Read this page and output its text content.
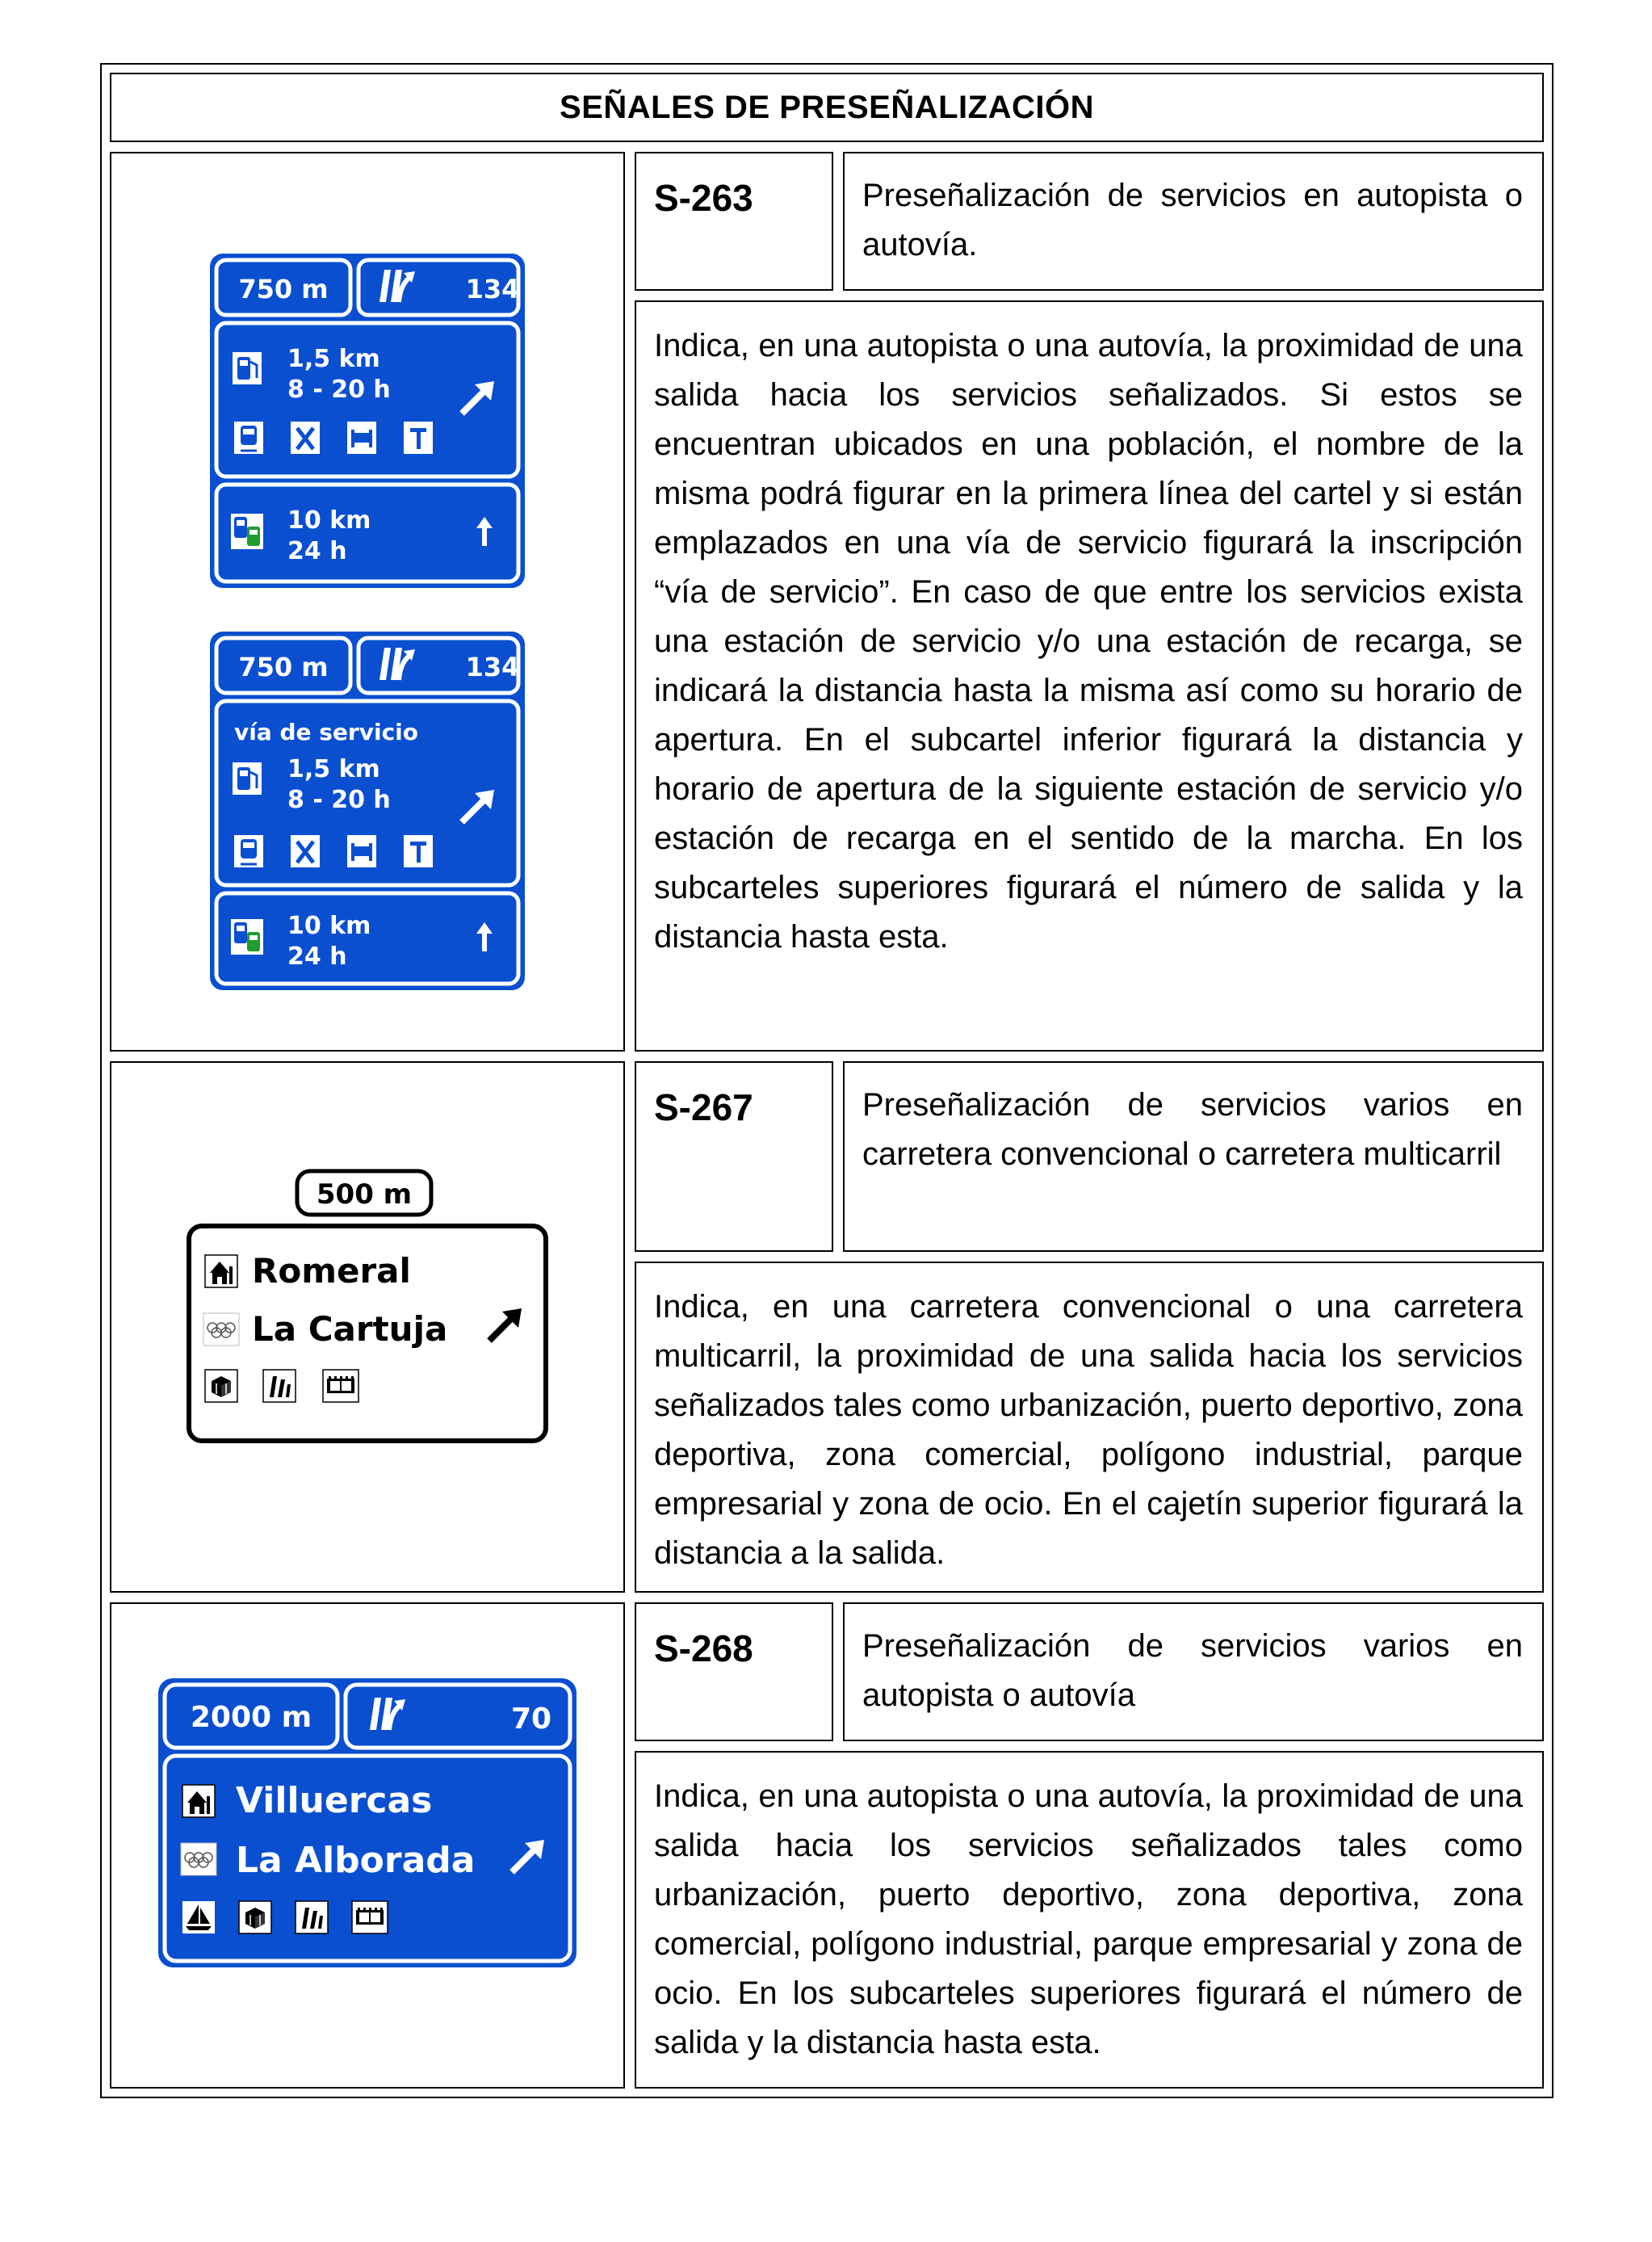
SEÑALES DE PRESEÑALIZACIÓN
750 m	134
1,5 km
8 - 20 h
10 km
24 h
750 m	134
vía de servicio
1,5 km
8 - 20 h
10 km
24 h
S-263	Preseñalización de servicios en autopista o autovía.

Indica, en una autopista o una autovía, la proximidad de una salida hacia los servicios señalizados. Si estos se encuentran ubicados en una población, el nombre de la misma podrá figurar en la primera línea del cartel y si están emplazados en una vía de servicio figurará la inscripción “vía de servicio”. En caso de que entre los servicios exista una estación de servicio y/o una estación de recarga, se indicará la distancia hasta la misma así como su horario de apertura. En el subcartel inferior figurará la distancia y horario de apertura de la siguiente estación de servicio y/o estación de recarga en el sentido de la marcha. En los subcarteles superiores figurará el número de salida y la distancia hasta esta.

500 m
Romeral
La Cartuja
S-267	Preseñalización de servicios varios en carretera convencional o carretera multicarril

Indica, en una carretera convencional o una carretera multicarril, la proximidad de una salida hacia los servicios señalizados tales como urbanización, puerto deportivo, zona deportiva, zona comercial, polígono industrial, parque empresarial y zona de ocio. En el cajetín superior figurará la distancia a la salida.

2000 m	70
Villuercas
La Alborada
S-268	Preseñalización de servicios varios en autopista o autovía

Indica, en una autopista o una autovía, la proximidad de una salida hacia los servicios señalizados tales como urbanización, puerto deportivo, zona deportiva, zona comercial, polígono industrial, parque empresarial y zona de ocio. En los subcarteles superiores figurará el número de salida y la distancia hasta esta.
